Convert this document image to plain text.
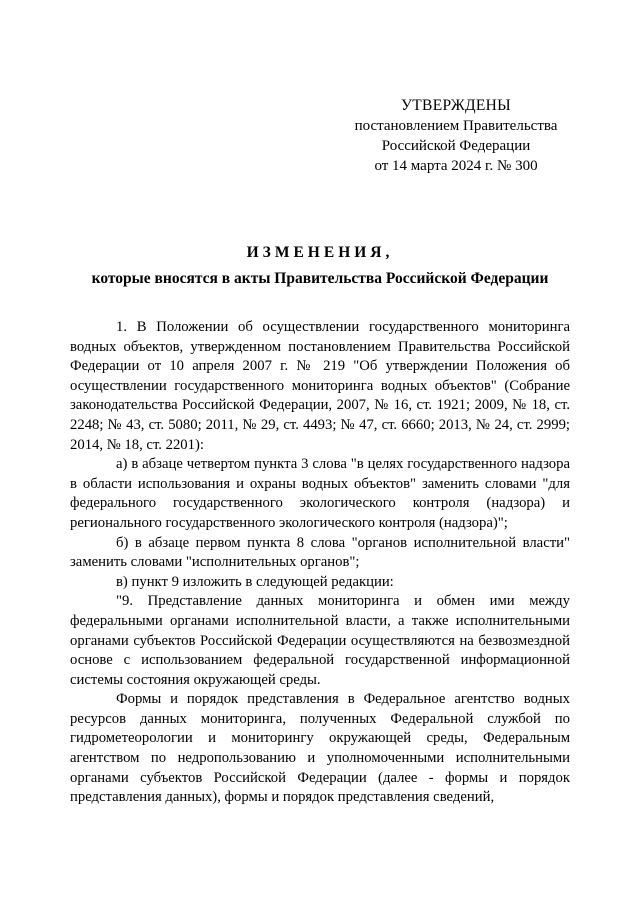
УТВЕРЖДЕНЫ
постановлением Правительства
Российской Федерации
от 14 марта 2024 г. № 300
ИЗМЕНЕНИЯ,
которые вносятся в акты Правительства Российской Федерации

1. В Положении об осуществлении государственного мониторинга водных объектов, утвержденном постановлением Правительства Российской Федерации от 10 апреля 2007 г. № 219 "Об утверждении Положения об осуществлении государственного мониторинга водных объектов" (Собрание законодательства Российской Федерации, 2007, № 16, ст. 1921; 2009, № 18, ст. 2248; № 43, ст. 5080; 2011, № 29, ст. 4493; № 47, ст. 6660; 2013, № 24, ст. 2999; 2014, № 18, ст. 2201):

а) в абзаце четвертом пункта 3 слова "в целях государственного надзора в области использования и охраны водных объектов" заменить словами "для федерального государственного экологического контроля (надзора) и регионального государственного экологического контроля (надзора)";

б) в абзаце первом пункта 8 слова "органов исполнительной власти" заменить словами "исполнительных органов";

в) пункт 9 изложить в следующей редакции:

"9. Представление данных мониторинга и обмен ими между федеральными органами исполнительной власти, а также исполнительными органами субъектов Российской Федерации осуществляются на безвозмездной основе с использованием федеральной государственной информационной системы состояния окружающей среды.

Формы и порядок представления в Федеральное агентство водных ресурсов данных мониторинга, полученных Федеральной службой по гидрометеорологии и мониторингу окружающей среды, Федеральным агентством по недропользованию и уполномоченными исполнительными органами субъектов Российской Федерации (далее - формы и порядок представления данных), формы и порядок представления сведений,
